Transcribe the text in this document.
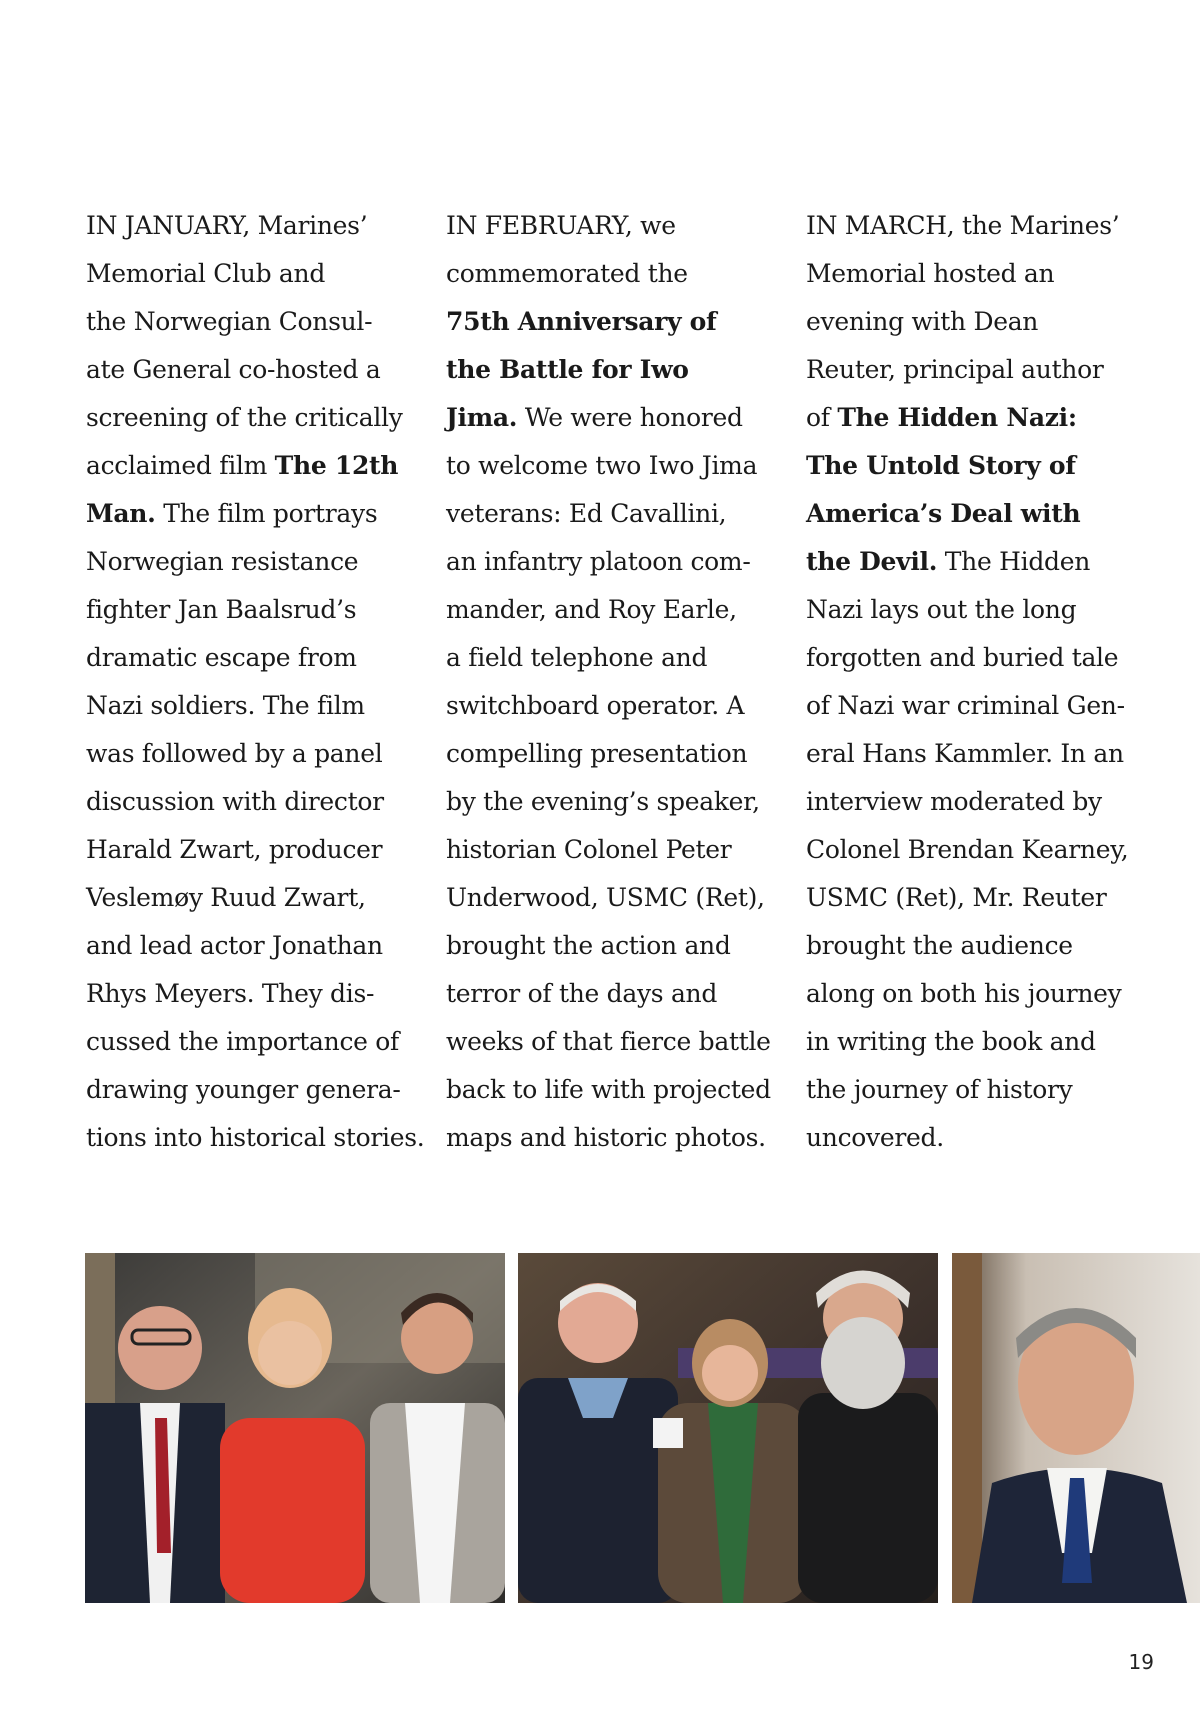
IN JANUARY, Marines’
Memorial Club and
the Norwegian Consul-
ate General co-hosted a
screening of the critically
acclaimed film The 12th
Man. The film portrays
Norwegian resistance
fighter Jan Baalsrud’s
dramatic escape from
Nazi soldiers. The film
was followed by a panel
discussion with director
Harald Zwart, producer
Veslemøy Ruud Zwart,
and lead actor Jonathan
Rhys Meyers. They dis-
cussed the importance of
drawing younger genera-
tions into historical stories.
IN FEBRUARY, we
commemorated the
75th Anniversary of
the Battle for Iwo
Jima. We were honored
to welcome two Iwo Jima
veterans: Ed Cavallini,
an infantry platoon com-
mander, and Roy Earle,
a field telephone and
switchboard operator. A
compelling presentation
by the evening’s speaker,
historian Colonel Peter
Underwood, USMC (Ret),
brought the action and
terror of the days and
weeks of that fierce battle
back to life with projected
maps and historic photos.
IN MARCH, the Marines’
Memorial hosted an
evening with Dean
Reuter, principal author
of The Hidden Nazi:
The Untold Story of
America’s Deal with
the Devil. The Hidden
Nazi lays out the long
forgotten and buried tale
of Nazi war criminal Gen-
eral Hans Kammler. In an
interview moderated by
Colonel Brendan Kearney,
USMC (Ret), Mr. Reuter
brought the audience
along on both his journey
in writing the book and
the journey of history
uncovered.
19
